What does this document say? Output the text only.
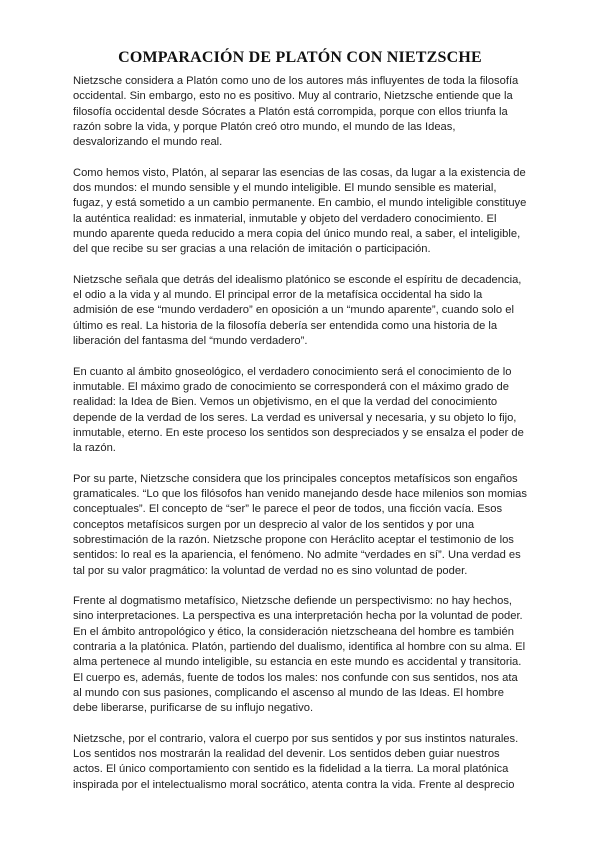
COMPARACIÓN DE PLATÓN CON NIETZSCHE

Nietzsche considera a Platón como uno de los autores más influyentes de toda la filosofía occidental. Sin embargo, esto no es positivo. Muy al contrario, Nietzsche entiende que la filosofía occidental desde Sócrates a Platón está corrompida, porque con ellos triunfa la razón sobre la vida, y porque Platón creó otro mundo, el mundo de las Ideas, desvalorizando el mundo real.

Como hemos visto, Platón, al separar las esencias de las cosas, da lugar a la existencia de dos mundos: el mundo sensible y el mundo inteligible. El mundo sensible es material, fugaz, y está sometido a un cambio permanente. En cambio, el mundo inteligible constituye la auténtica realidad: es inmaterial, inmutable y objeto del verdadero conocimiento. El mundo aparente queda reducido a mera copia del único mundo real, a saber, el inteligible, del que recibe su ser gracias a una relación de imitación o participación.

Nietzsche señala que detrás del idealismo platónico se esconde el espíritu de decadencia, el odio a la vida y al mundo. El principal error de la metafísica occidental ha sido la admisión de ese “mundo verdadero” en oposición a un “mundo aparente”, cuando solo el último es real. La historia de la filosofía debería ser entendida como una historia de la liberación del fantasma del “mundo verdadero”.

En cuanto al ámbito gnoseológico, el verdadero conocimiento será el conocimiento de lo inmutable. El máximo grado de conocimiento se corresponderá con el máximo grado de realidad: la Idea de Bien. Vemos un objetivismo, en el que la verdad del conocimiento depende de la verdad de los seres. La verdad es universal y necesaria, y su objeto lo fijo, inmutable, eterno. En este proceso los sentidos son despreciados y se ensalza el poder de la razón.

Por su parte, Nietzsche considera que los principales conceptos metafísicos son engaños gramaticales. “Lo que los filósofos han venido manejando desde hace milenios son momias conceptuales”. El concepto de “ser” le parece el peor de todos, una ficción vacía. Esos conceptos metafísicos surgen por un desprecio al valor de los sentidos y por una sobrestimación de la razón. Nietzsche propone con Heráclito aceptar el testimonio de los sentidos: lo real es la apariencia, el fenómeno. No admite “verdades en sí”. Una verdad es tal por su valor pragmático: la voluntad de verdad no es sino voluntad de poder.

Frente al dogmatismo metafísico, Nietzsche defiende un perspectivismo: no hay hechos, sino interpretaciones. La perspectiva es una interpretación hecha por la voluntad de poder. En el ámbito antropológico y ético, la consideración nietzscheana del hombre es también contraria a la platónica. Platón, partiendo del dualismo, identifica al hombre con su alma. El alma pertenece al mundo inteligible, su estancia en este mundo es accidental y transitoria. El cuerpo es, además, fuente de todos los males: nos confunde con sus sentidos, nos ata al mundo con sus pasiones, complicando el ascenso al mundo de las Ideas. El hombre debe liberarse, purificarse de su influjo negativo.

Nietzsche, por el contrario, valora el cuerpo por sus sentidos y por sus instintos naturales. Los sentidos nos mostrarán la realidad del devenir. Los sentidos deben guiar nuestros actos. El único comportamiento con sentido es la fidelidad a la tierra. La moral platónica inspirada por el intelectualismo moral socrático, atenta contra la vida. Frente al desprecio
